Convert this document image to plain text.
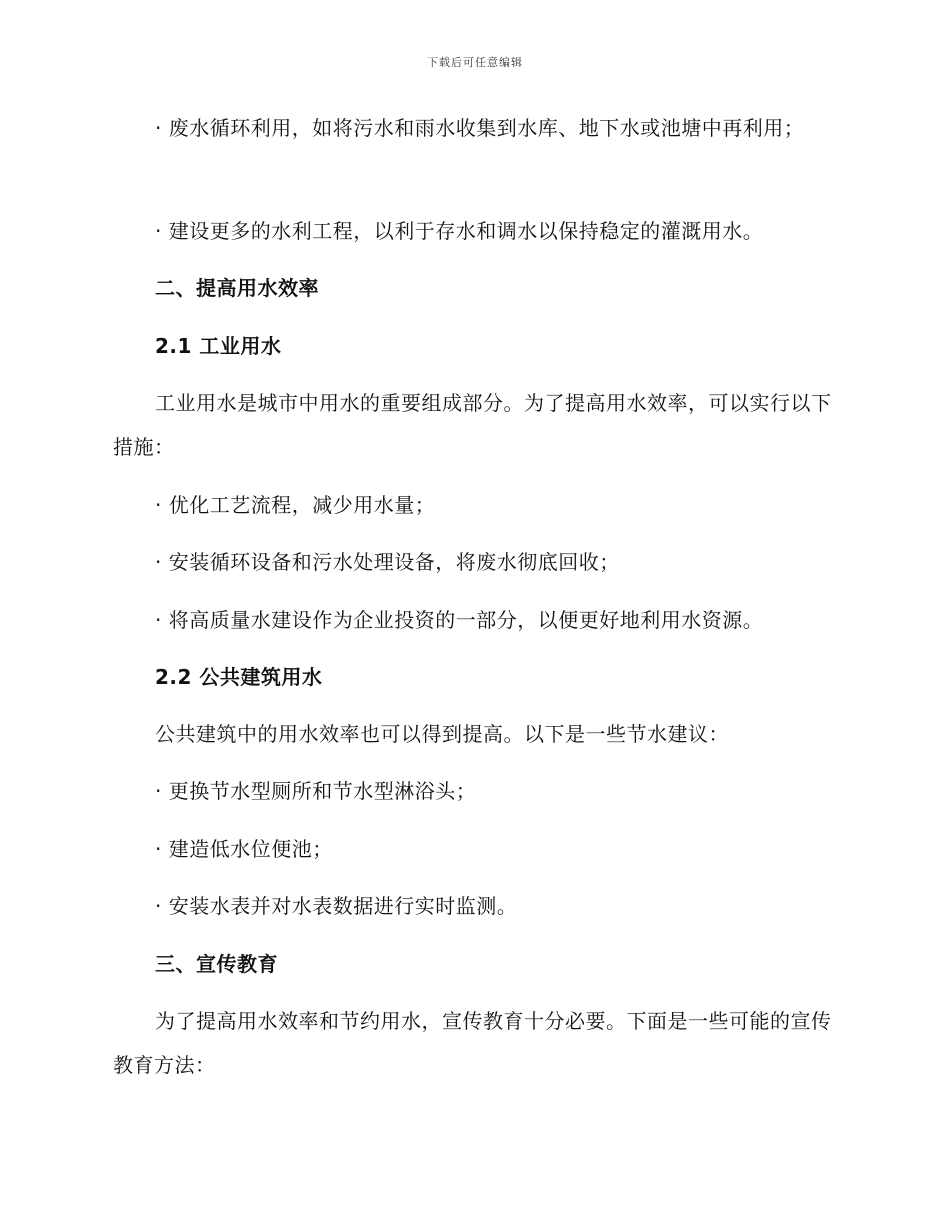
下载后可任意编辑

· 废水循环利用，如将污水和雨水收集到水库、地下水或池塘中再利用；

· 建设更多的水利工程，以利于存水和调水以保持稳定的灌溉用水。

二、提高用水效率

2.1 工业用水

工业用水是城市中用水的重要组成部分。为了提高用水效率，可以实行以下措施：

· 优化工艺流程，减少用水量；

· 安装循环设备和污水处理设备，将废水彻底回收；

· 将高质量水建设作为企业投资的一部分，以便更好地利用水资源。

2.2 公共建筑用水

公共建筑中的用水效率也可以得到提高。以下是一些节水建议：

· 更换节水型厕所和节水型淋浴头；

· 建造低水位便池；

· 安装水表并对水表数据进行实时监测。

三、宣传教育

为了提高用水效率和节约用水，宣传教育十分必要。下面是一些可能的宣传教育方法：
